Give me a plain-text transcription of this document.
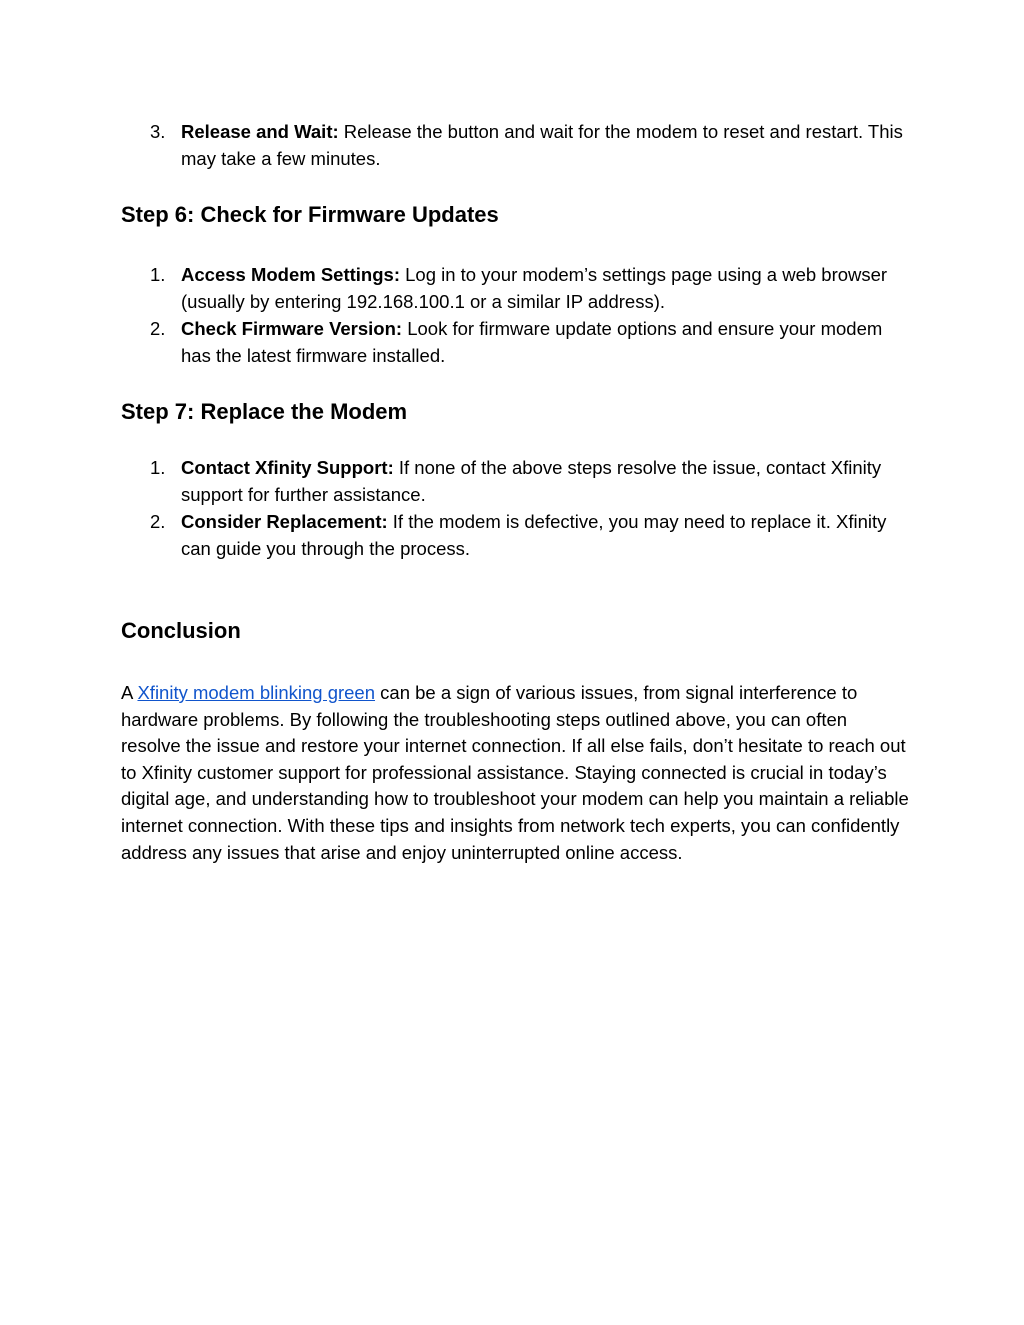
3. Release and Wait: Release the button and wait for the modem to reset and restart. This may take a few minutes.
Step 6: Check for Firmware Updates
1. Access Modem Settings: Log in to your modem’s settings page using a web browser (usually by entering 192.168.100.1 or a similar IP address).
2. Check Firmware Version: Look for firmware update options and ensure your modem has the latest firmware installed.
Step 7: Replace the Modem
1. Contact Xfinity Support: If none of the above steps resolve the issue, contact Xfinity support for further assistance.
2. Consider Replacement: If the modem is defective, you may need to replace it. Xfinity can guide you through the process.
Conclusion

A Xfinity modem blinking green can be a sign of various issues, from signal interference to hardware problems. By following the troubleshooting steps outlined above, you can often resolve the issue and restore your internet connection. If all else fails, don’t hesitate to reach out to Xfinity customer support for professional assistance. Staying connected is crucial in today’s digital age, and understanding how to troubleshoot your modem can help you maintain a reliable internet connection. With these tips and insights from network tech experts, you can confidently address any issues that arise and enjoy uninterrupted online access.
